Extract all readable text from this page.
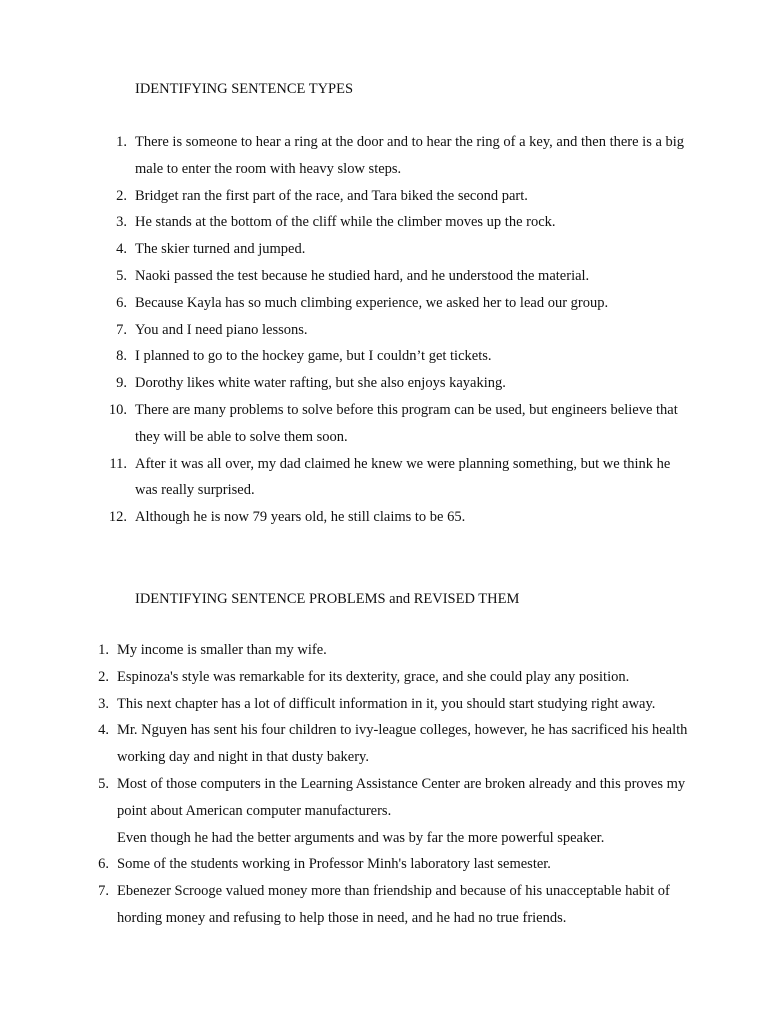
IDENTIFYING SENTENCE TYPES
1. There is someone to hear a ring at the door and to hear the ring of a key, and then there is a big male to enter the room with heavy slow steps.
2. Bridget ran the first part of the race, and Tara biked the second part.
3. He stands at the bottom of the cliff while the climber moves up the rock.
4. The skier turned and jumped.
5. Naoki passed the test because he studied hard, and he understood the material.
6. Because Kayla has so much climbing experience, we asked her to lead our group.
7. You and I need piano lessons.
8. I planned to go to the hockey game, but I couldn’t get tickets.
9. Dorothy likes white water rafting, but she also enjoys kayaking.
10. There are many problems to solve before this program can be used, but engineers believe that they will be able to solve them soon.
11. After it was all over, my dad claimed he knew we were planning something, but we think he was really surprised.
12. Although he is now 79 years old, he still claims to be 65.
IDENTIFYING SENTENCE PROBLEMS and REVISED THEM
1. My income is smaller than my wife.
2. Espinoza's style was remarkable for its dexterity, grace, and she could play any position.
3. This next chapter has a lot of difficult information in it, you should start studying right away.
4. Mr. Nguyen has sent his four children to ivy-league colleges, however, he has sacrificed his health working day and night in that dusty bakery.
5. Most of those computers in the Learning Assistance Center are broken already and this proves my point about American computer manufacturers.
Even though he had the better arguments and was by far the more powerful speaker.
6. Some of the students working in Professor Minh's laboratory last semester.
7. Ebenezer Scrooge valued money more than friendship and because of his unacceptable habit of hording money and refusing to help those in need, and he had no true friends.
